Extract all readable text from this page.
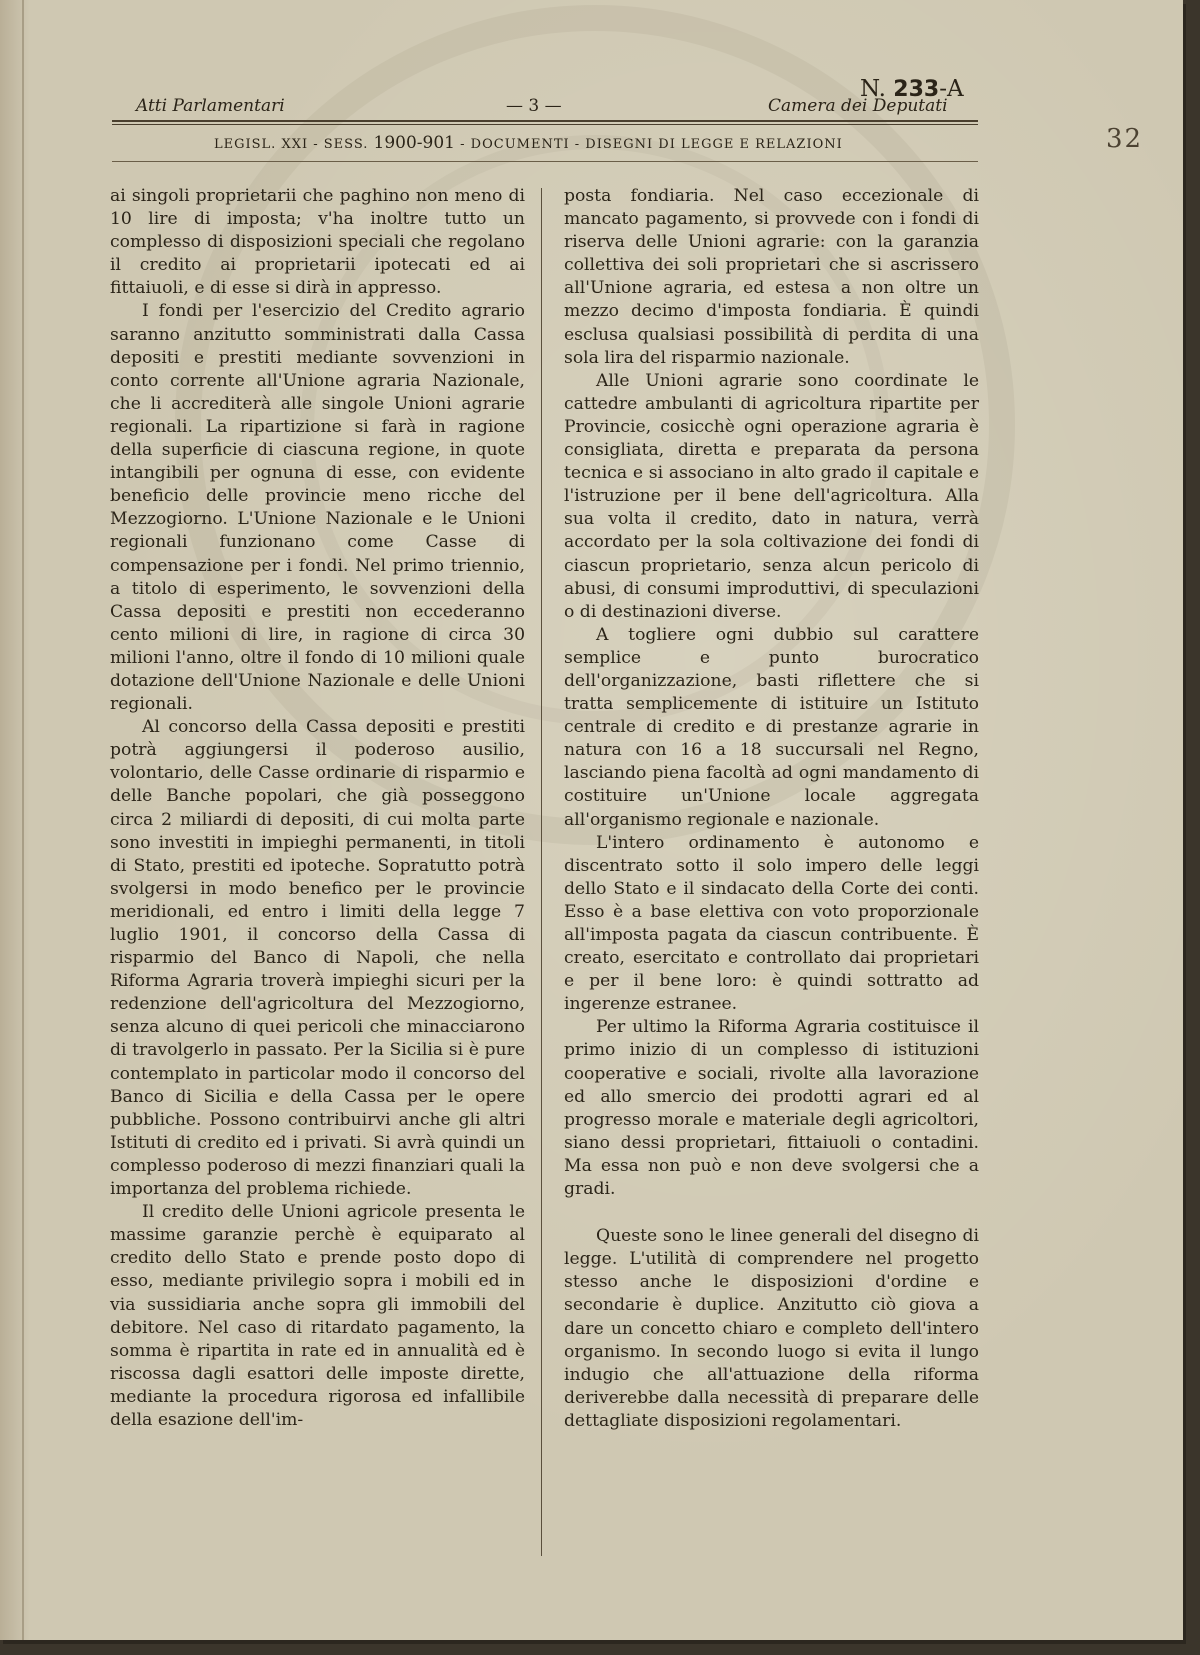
Atti Parlamentari	— 3 —	Camera dei Deputati
N. 233-A
LEGISL. XXI - SESS. 1900-901 - DOCUMENTI - DISEGNI DI LEGGE E RELAZIONI	32

ai singoli proprietarii che paghino non meno di 10 lire di imposta; v'ha inoltre tutto un complesso di disposizioni speciali che regolano il credito ai proprietarii ipotecati ed ai fittaiuoli, e di esse si dirà in appresso.

I fondi per l'esercizio del Credito agrario saranno anzitutto somministrati dalla Cassa depositi e prestiti mediante sovvenzioni in conto corrente all'Unione agraria Nazionale, che li accrediterà alle singole Unioni agrarie regionali. La ripartizione si farà in ragione della superficie di ciascuna regione, in quote intangibili per ognuna di esse, con evidente beneficio delle provincie meno ricche del Mezzogiorno. L'Unione Nazionale e le Unioni regionali funzionano come Casse di compensazione per i fondi. Nel primo triennio, a titolo di esperimento, le sovvenzioni della Cassa depositi e prestiti non eccederanno cento milioni di lire, in ragione di circa 30 milioni l'anno, oltre il fondo di 10 milioni quale dotazione dell'Unione Nazionale e delle Unioni regionali.

Al concorso della Cassa depositi e prestiti potrà aggiungersi il poderoso ausilio, volontario, delle Casse ordinarie di risparmio e delle Banche popolari, che già posseggono circa 2 miliardi di depositi, di cui molta parte sono investiti in impieghi permanenti, in titoli di Stato, prestiti ed ipoteche. Sopratutto potrà svolgersi in modo benefico per le provincie meridionali, ed entro i limiti della legge 7 luglio 1901, il concorso della Cassa di risparmio del Banco di Napoli, che nella Riforma Agraria troverà impieghi sicuri per la redenzione dell'agricoltura del Mezzogiorno, senza alcuno di quei pericoli che minacciarono di travolgerlo in passato. Per la Sicilia si è pure contemplato in particolar modo il concorso del Banco di Sicilia e della Cassa per le opere pubbliche. Possono contribuirvi anche gli altri Istituti di credito ed i privati. Si avrà quindi un complesso poderoso di mezzi finanziari quali la importanza del problema richiede.

Il credito delle Unioni agricole presenta le massime garanzie perchè è equiparato al credito dello Stato e prende posto dopo di esso, mediante privilegio sopra i mobili ed in via sussidiaria anche sopra gli immobili del debitore. Nel caso di ritardato pagamento, la somma è ripartita in rate ed in annualità ed è riscossa dagli esattori delle imposte dirette, mediante la procedura rigorosa ed infallibile della esazione dell'im-

posta fondiaria. Nel caso eccezionale di mancato pagamento, si provvede con i fondi di riserva delle Unioni agrarie: con la garanzia collettiva dei soli proprietari che si ascrissero all'Unione agraria, ed estesa a non oltre un mezzo decimo d'imposta fondiaria. È quindi esclusa qualsiasi possibilità di perdita di una sola lira del risparmio nazionale.

Alle Unioni agrarie sono coordinate le cattedre ambulanti di agricoltura ripartite per Provincie, cosicchè ogni operazione agraria è consigliata, diretta e preparata da persona tecnica e si associano in alto grado il capitale e l'istruzione per il bene dell'agricoltura. Alla sua volta il credito, dato in natura, verrà accordato per la sola coltivazione dei fondi di ciascun proprietario, senza alcun pericolo di abusi, di consumi improduttivi, di speculazioni o di destinazioni diverse.

A togliere ogni dubbio sul carattere semplice e punto burocratico dell'organizzazione, basti riflettere che si tratta semplicemente di istituire un Istituto centrale di credito e di prestanze agrarie in natura con 16 a 18 succursali nel Regno, lasciando piena facoltà ad ogni mandamento di costituire un'Unione locale aggregata all'organismo regionale e nazionale.

L'intero ordinamento è autonomo e discentrato sotto il solo impero delle leggi dello Stato e il sindacato della Corte dei conti. Esso è a base elettiva con voto proporzionale all'imposta pagata da ciascun contribuente. È creato, esercitato e controllato dai proprietari e per il bene loro: è quindi sottratto ad ingerenze estranee.

Per ultimo la Riforma Agraria costituisce il primo inizio di un complesso di istituzioni cooperative e sociali, rivolte alla lavorazione ed allo smercio dei prodotti agrari ed al progresso morale e materiale degli agricoltori, siano dessi proprietari, fittaiuoli o contadini. Ma essa non può e non deve svolgersi che a gradi.

Queste sono le linee generali del disegno di legge. L'utilità di comprendere nel progetto stesso anche le disposizioni d'ordine e secondarie è duplice. Anzitutto ciò giova a dare un concetto chiaro e completo dell'intero organismo. In secondo luogo si evita il lungo indugio che all'attuazione della riforma deriverebbe dalla necessità di preparare delle dettagliate disposizioni regolamentari.
